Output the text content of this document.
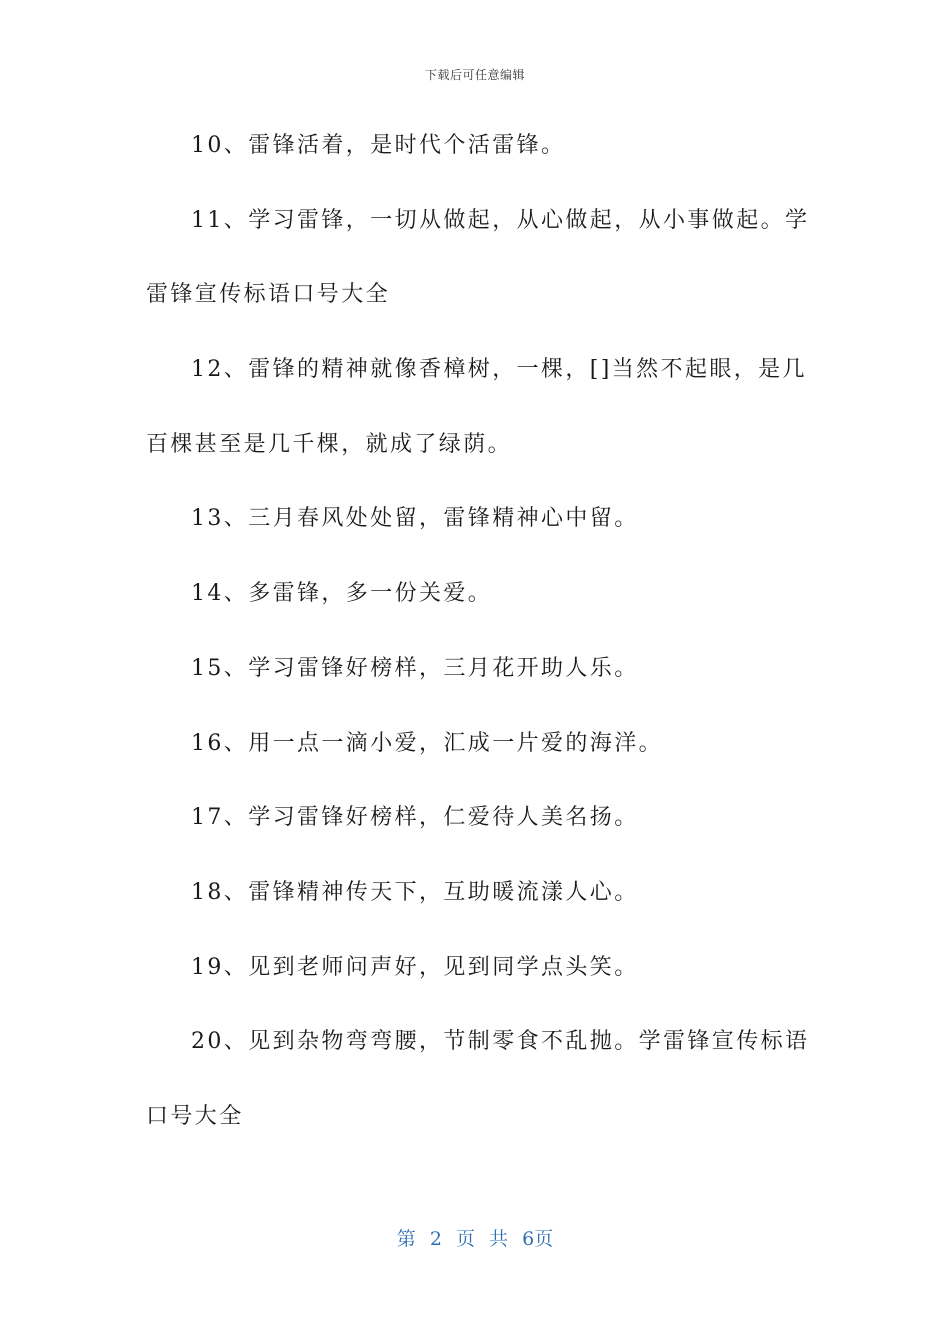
下载后可任意编辑
10、雷锋活着，是时代个活雷锋。
11、学习雷锋，一切从做起，从心做起，从小事做起。学
雷锋宣传标语口号大全
12、雷锋的精神就像香樟树，一棵，[]当然不起眼，是几
百棵甚至是几千棵，就成了绿荫。
13、三月春风处处留，雷锋精神心中留。
14、多雷锋，多一份关爱。
15、学习雷锋好榜样，三月花开助人乐。
16、用一点一滴小爱，汇成一片爱的海洋。
17、学习雷锋好榜样，仁爱待人美名扬。
18、雷锋精神传天下，互助暖流漾人心。
19、见到老师问声好，见到同学点头笑。
20、见到杂物弯弯腰，节制零食不乱抛。学雷锋宣传标语
口号大全
第 2 页 共 6页
